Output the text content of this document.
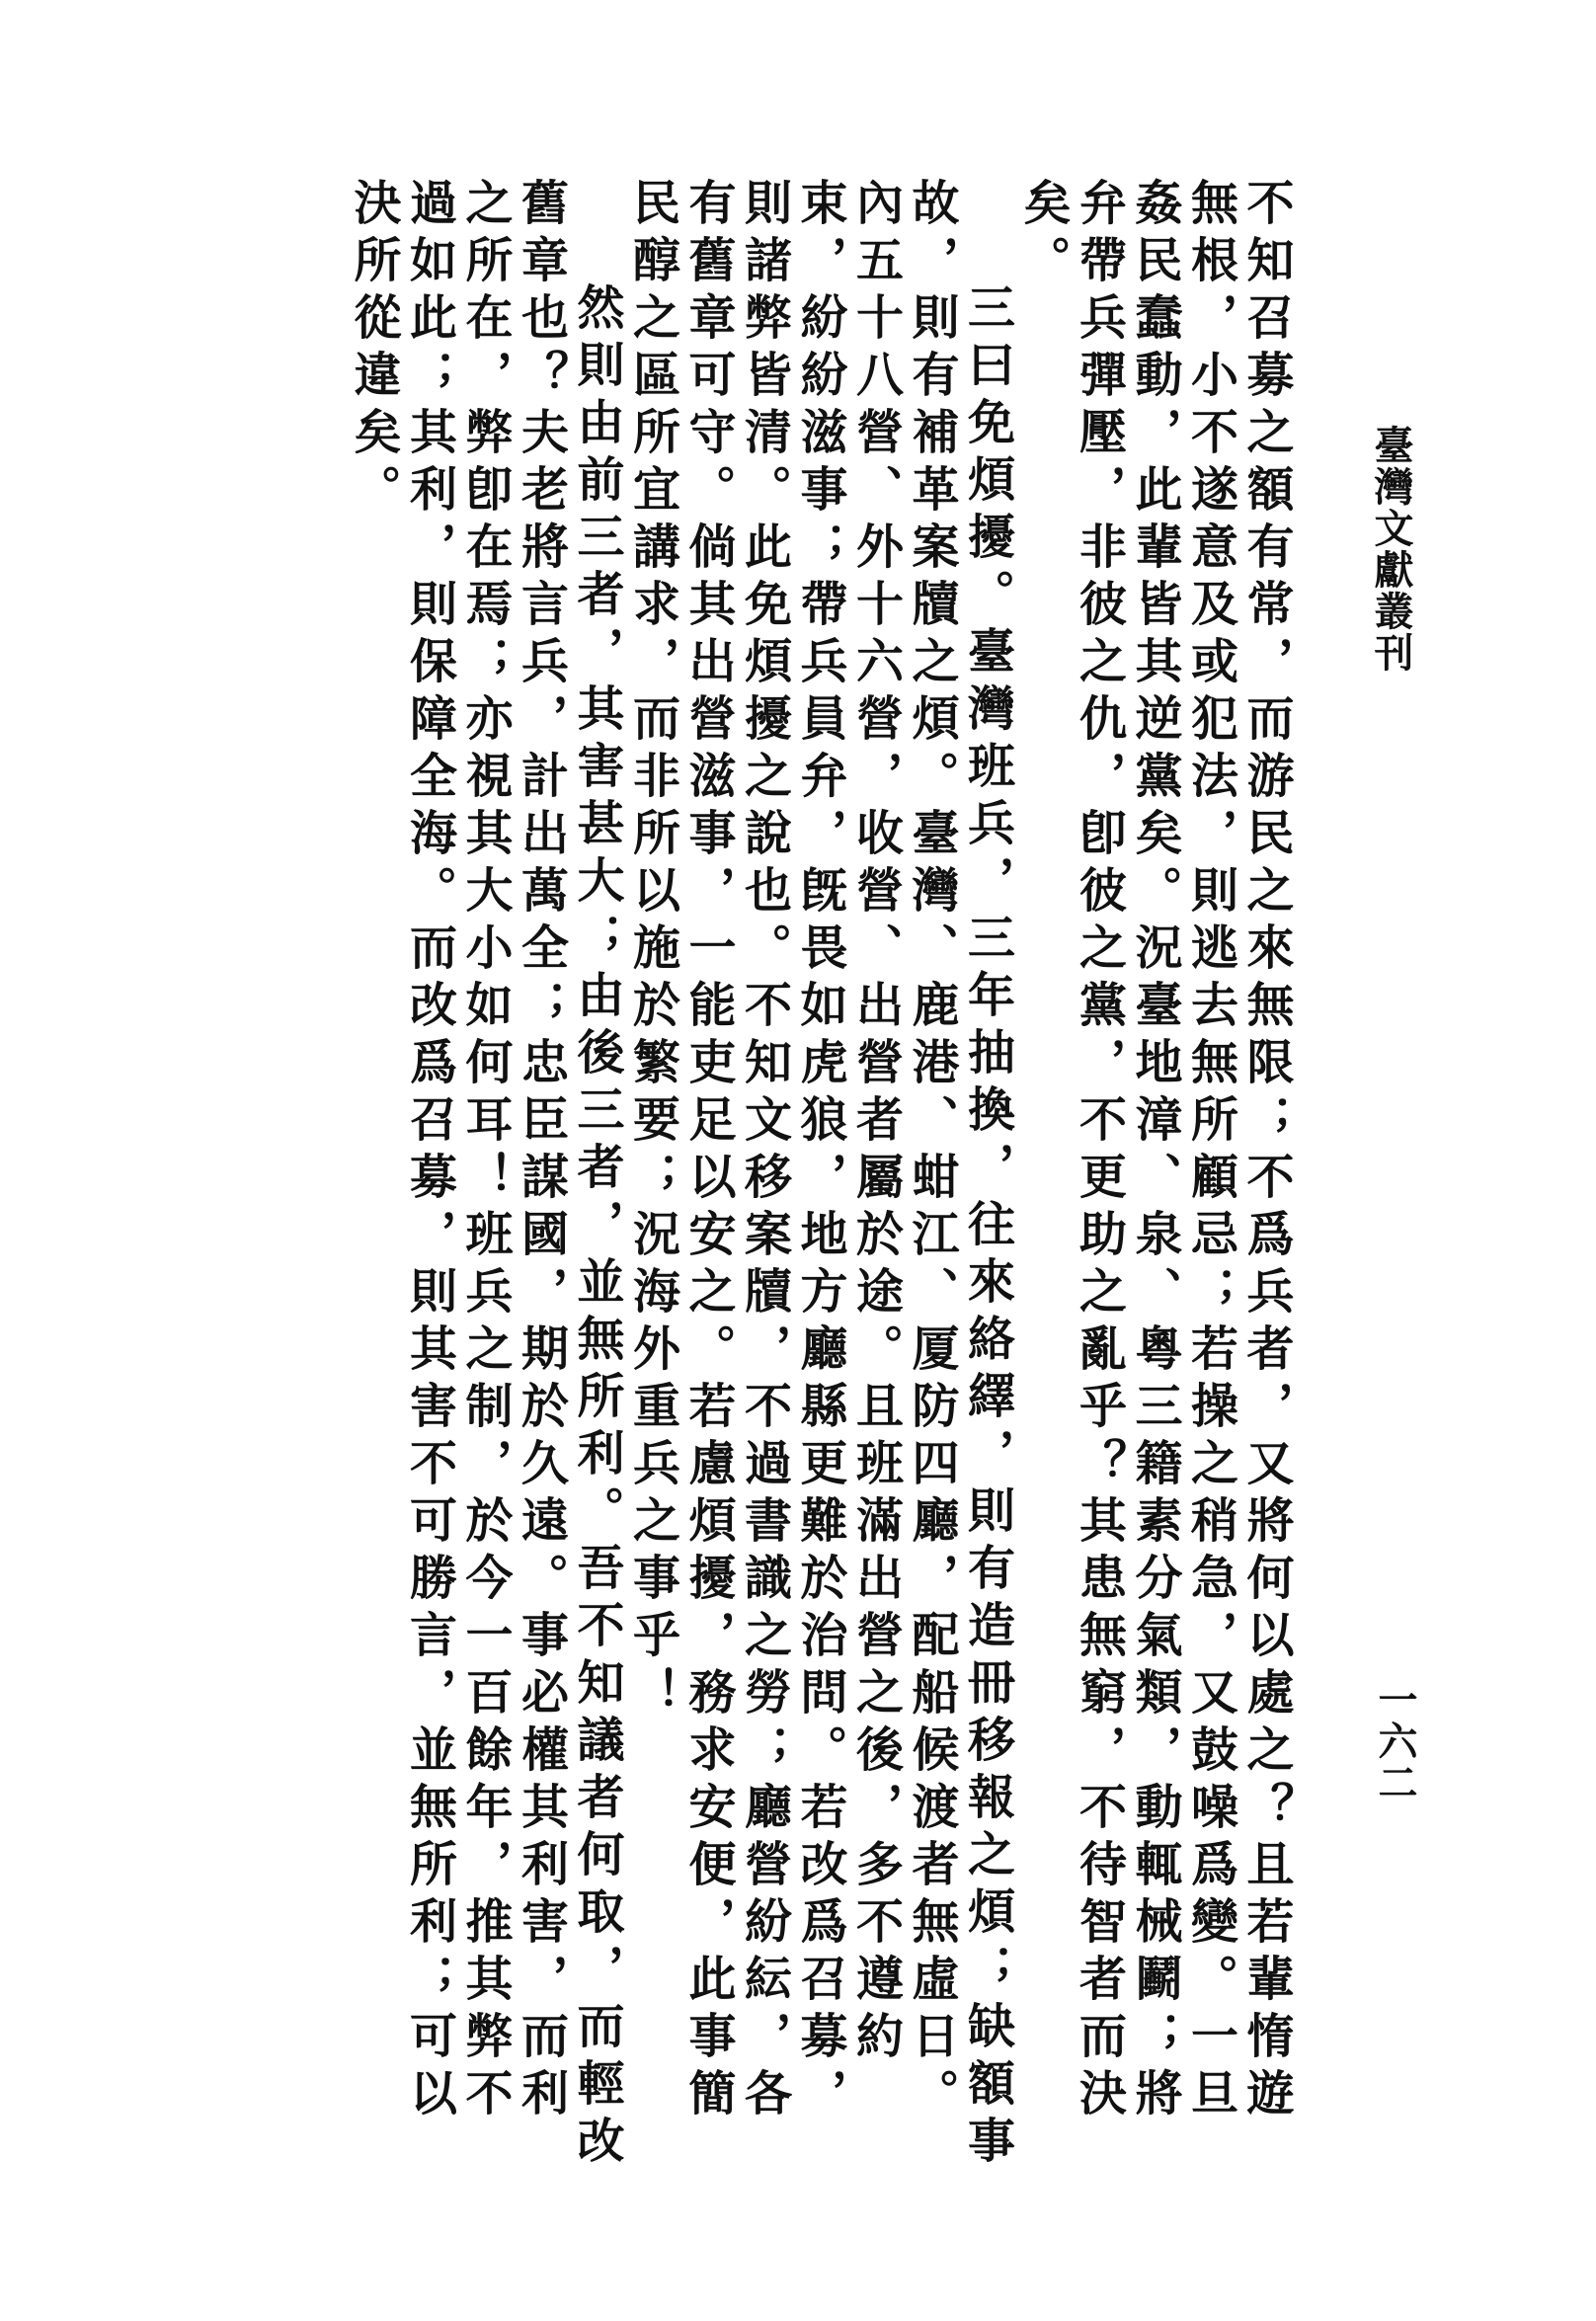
臺灣文獻叢刊
一六二

不知召募之額有常，而游民之來無限；不爲兵者，又將何以處之？且若輩惰遊無根，小不遂意及或犯法，則逃去無所顧忌；若操之稍急，又鼓噪爲變。一旦姦民蠢動，此輩皆其逆黨矣。況臺地漳、泉、粵三籍素分氣類，動輒械鬬；將弁帶兵彈壓，非彼之仇，卽彼之黨，不更助之亂乎？其患無窮，不待智者而決矣。

三曰免煩擾。臺灣班兵，三年抽換，往來絡繹，則有造冊移報之煩；缺額事故，則有補革案牘之煩。臺灣、鹿港、蚶江、厦防四廳，配船候渡者無虛日。內五十八營、外十六營，收營、出營者屬於途。且班滿出營之後，多不遵約束，紛紛滋事；帶兵員弁，旣畏如虎狼，地方廳縣更難於治問。若改爲召募，則諸弊皆清。此免煩擾之說也。不知文移案牘，不過書識之勞；廳營紛紜，各有舊章可守。倘其出營滋事，一能吏足以安之。若慮煩擾，務求安便，此事簡民醇之區所宜講求，而非所以施於繁要；況海外重兵之事乎！

然則由前三者，其害甚大；由後三者，並無所利。吾不知議者何取，而輕改舊章也？夫老將言兵，計出萬全；忠臣謀國，期於久遠。事必權其利害，而利之所在，弊卽在焉；亦視其大小如何耳！班兵之制，於今一百餘年，推其弊不過如此；其利，則保障全海。而改爲召募，則其害不可勝言，並無所利；可以決所從違矣。
